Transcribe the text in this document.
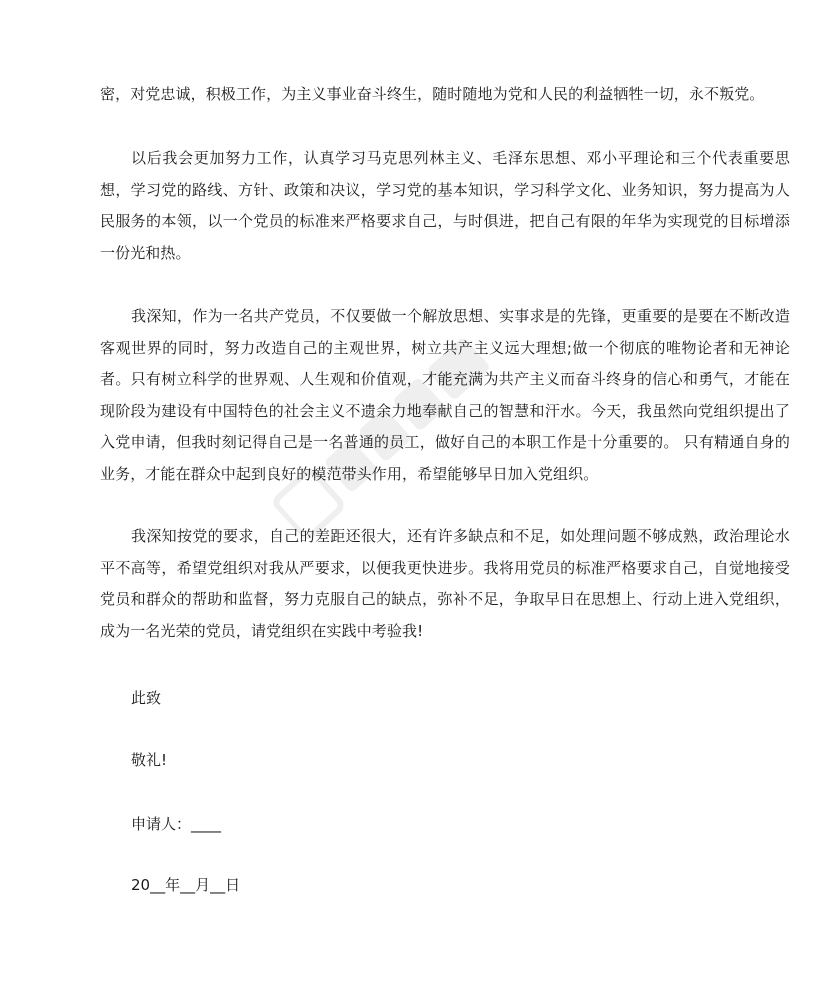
密，对党忠诚，积极工作，为主义事业奋斗终生，随时随地为党和人民的利益牺牲一切，永不叛党。

以后我会更加努力工作，认真学习马克思列林主义、毛泽东思想、邓小平理论和三个代表重要思想，学习党的路线、方针、政策和决议，学习党的基本知识，学习科学文化、业务知识，努力提高为人民服务的本领，以一个党员的标准来严格要求自己，与时俱进，把自己有限的年华为实现党的目标增添一份光和热。

我深知，作为一名共产党员，不仅要做一个解放思想、实事求是的先锋，更重要的是要在不断改造客观世界的同时，努力改造自己的主观世界，树立共产主义远大理想;做一个彻底的唯物论者和无神论者。只有树立科学的世界观、人生观和价值观，才能充满为共产主义而奋斗终身的信心和勇气，才能在现阶段为建设有中国特色的社会主义不遗余力地奉献自己的智慧和汗水。今天，我虽然向党组织提出了入党申请，但我时刻记得自己是一名普通的员工，做好自己的本职工作是十分重要的。 只有精通自身的业务，才能在群众中起到良好的模范带头作用，希望能够早日加入党组织。

我深知按党的要求，自己的差距还很大，还有许多缺点和不足，如处理问题不够成熟，政治理论水平不高等，希望党组织对我从严要求，以便我更快进步。我将用党员的标准严格要求自己，自觉地接受党员和群众的帮助和监督，努力克服自己的缺点，弥补不足，争取早日在思想上、行动上进入党组织，成为一名光荣的党员，请党组织在实践中考验我!

此致

敬礼!

申请人：____

20__年__月__日
